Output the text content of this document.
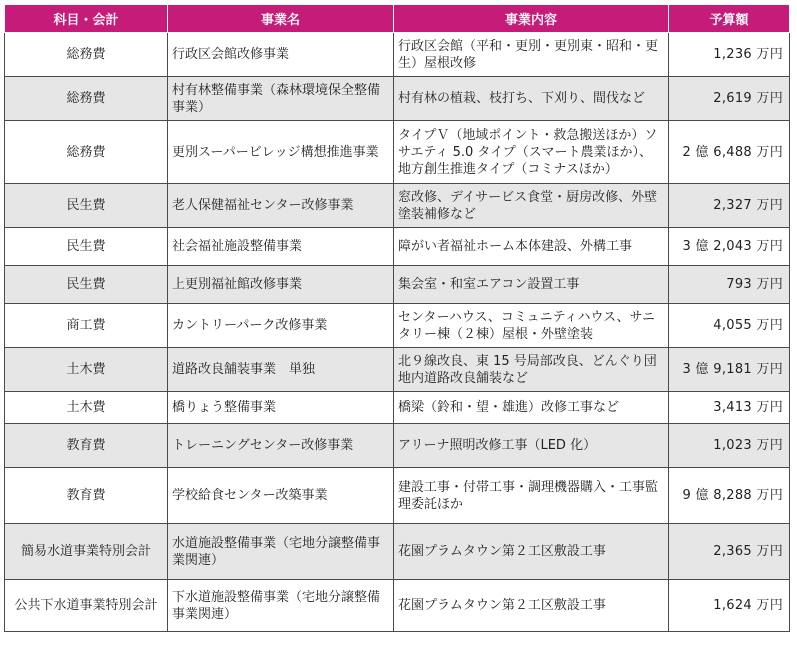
科目・会計	事業名	事業内容	予算額
総務費	行政区会館改修事業	行政区会館（平和・更別・更別東・昭和・更生）屋根改修	1,236 万円
総務費	村有林整備事業（森林環境保全整備事業）	村有林の植栽、枝打ち、下刈り、間伐など	2,619 万円
総務費	更別スーパービレッジ構想推進事業	タイプＶ（地域ポイント・救急搬送ほか）ソサエティ 5.0 タイプ（スマート農業ほか）、地方創生推進タイプ（コミナスほか）	2 億 6,488 万円
民生費	老人保健福祉センター改修事業	窓改修、デイサービス食堂・厨房改修、外壁塗装補修など	2,327 万円
民生費	社会福祉施設整備事業	障がい者福祉ホーム本体建設、外構工事	3 億 2,043 万円
民生費	上更別福祉館改修事業	集会室・和室エアコン設置工事	793 万円
商工費	カントリーパーク改修事業	センターハウス、コミュニティハウス、サニタリー棟（２棟）屋根・外壁塗装	4,055 万円
土木費	道路改良舗装事業　単独	北９線改良、東 15 号局部改良、どんぐり団地内道路改良舗装など	3 億 9,181 万円
土木費	橋りょう整備事業	橋梁（鈴和・望・雄進）改修工事など	3,413 万円
教育費	トレーニングセンター改修事業	アリーナ照明改修工事（LED 化）	1,023 万円
教育費	学校給食センター改築事業	建設工事・付帯工事・調理機器購入・工事監理委託ほか	9 億 8,288 万円
簡易水道事業特別会計	水道施設整備事業（宅地分譲整備事業関連）	花園プラムタウン第２工区敷設工事	2,365 万円
公共下水道事業特別会計	下水道施設整備事業（宅地分譲整備事業関連）	花園プラムタウン第２工区敷設工事	1,624 万円
